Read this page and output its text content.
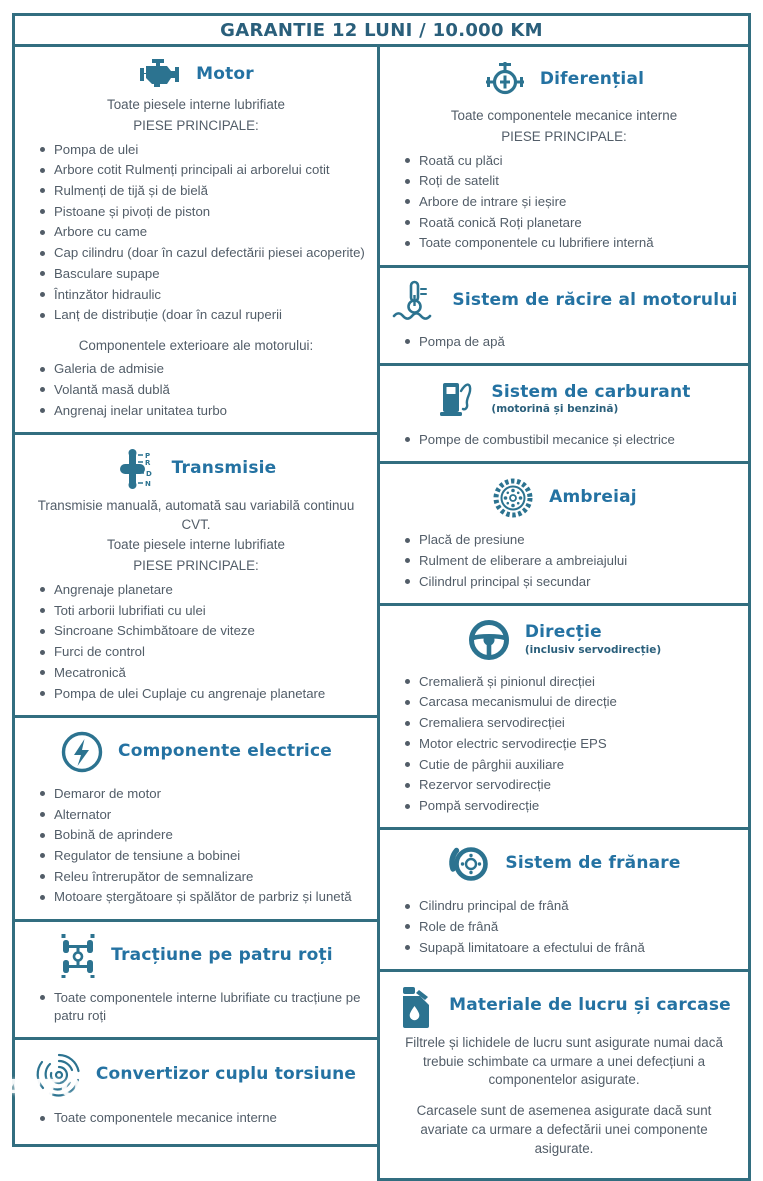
GARANTIE 12 LUNI / 10.000 KM
Motor

Toate piesele interne lubrifiate

PIESE PRINCIPALE:

Pompa de ulei
Arbore cotit Rulmenți principali ai arborelui cotit
Rulmenți de tijă și de bielă
Pistoane și pivoți de piston
Arbore cu came
Cap cilindru (doar în cazul defectării piesei acoperite)
Basculare supape
Întinzător hidraulic
Lanț de distribuție (doar în cazul ruperii

Componentele exterioare ale motorului:

Galeria de admisie
Volantă masă dublă
Angrenaj inelar unitatea turbo
P
R
D
N
Transmisie

Transmisie manuală, automată sau variabilă continuu CVT.

Toate piesele interne lubrifiate

PIESE PRINCIPALE:

Angrenaje planetare
Toti arborii lubrifiati cu ulei
Sincroane Schimbătoare de viteze
Furci de control
Mecatronică
Pompa de ulei Cuplaje cu angrenaje planetare
Componente electrice
Demaror de motor
Alternator
Bobină de aprindere
Regulator de tensiune a bobinei
Releu întrerupător de semnalizare
Motoare ștergătoare și spălător de parbriz și lunetă
Tracțiune pe patru roți
Toate componentele interne lubrifiate cu tracțiune pe patru roți
Convertizor cuplu torsiune
Toate componentele mecanice interne
Diferențial

Toate componentele mecanice interne

PIESE PRINCIPALE:

Roată cu plăci
Roți de satelit
Arbore de intrare și ieșire
Roată conică Roți planetare
Toate componentele cu lubrifiere internă
Sistem de răcire al motorului
Pompa de apă
Sistem de carburant
(motorină și benzină)
Pompe de combustibil mecanice și electrice
Ambreiaj
Placă de presiune
Rulment de eliberare a ambreiajului
Cilindrul principal și secundar
Direcție
(inclusiv servodirecție)
Cremalieră și pinionul direcției
Carcasa mecanismului de direcție
Cremaliera servodirecției
Motor electric servodirecție EPS
Cutie de pârghii auxiliare
Rezervor servodirecție
Pompă servodirecție
Sistem de frănare
Cilindru principal de frână
Role de frână
Supapă limitatoare a efectului de frână
Materiale de lucru și carcase

Filtrele și lichidele de lucru sunt asigurate numai dacă trebuie schimbate ca urmare a unei defecțiuni a componentelor asigurate.

Carcasele sunt de asemenea asigurate dacă sunt avariate ca urmare a defectării unei componente asigurate.

AUTOVIT.RO
